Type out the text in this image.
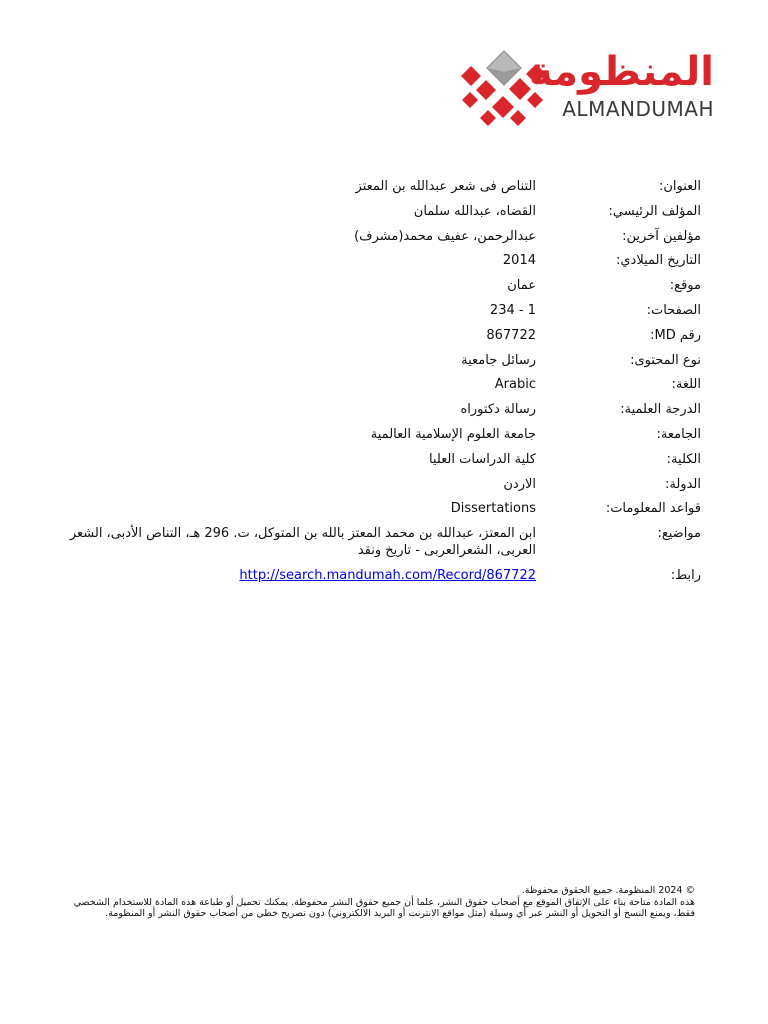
المنظومة
ALMANDUMAH
العنوان:
التناص فى شعر عبدالله بن المعتز
المؤلف الرئيسي:
القضاه، عبدالله سلمان
مؤلفين آخرين:
عبدالرحمن، عفيف محمد(مشرف)
التاريخ الميلادي:
2014
موقع:
عمان
الصفحات:
1 - 234
رقم MD:
867722
نوع المحتوى:
رسائل جامعية
اللغة:
Arabic
الدرجة العلمية:
رسالة دكتوراه
الجامعة:
جامعة العلوم الإسلامية العالمية
الكلية:
كلية الدراسات العليا
الدولة:
الاردن
قواعد المعلومات:
Dissertations
مواضيع:
ابن المعتز، عبدالله بن محمد المعتز بالله بن المتوكل، ت. 296 هـ، التناص الأدبى، الشعر العربى، الشعرالعربى - تاريخ ونقد
رابط:
http://search.mandumah.com/Record/867722

© 2024 المنظومة. جميع الحقوق محفوظة.

هذه المادة متاحة بناء على الإتفاق الموقع مع أصحاب حقوق النشر، علما أن جميع حقوق النشر محفوظة. يمكنك تحميل أو طباعة هذه المادة للاستخدام الشخصي فقط، ويمنع النسخ أو التحويل أو النشر عبر أي وسيلة (مثل مواقع الانترنت أو البريد الالكتروني) دون تصريح خطي من أصحاب حقوق النشر أو المنظومة.
